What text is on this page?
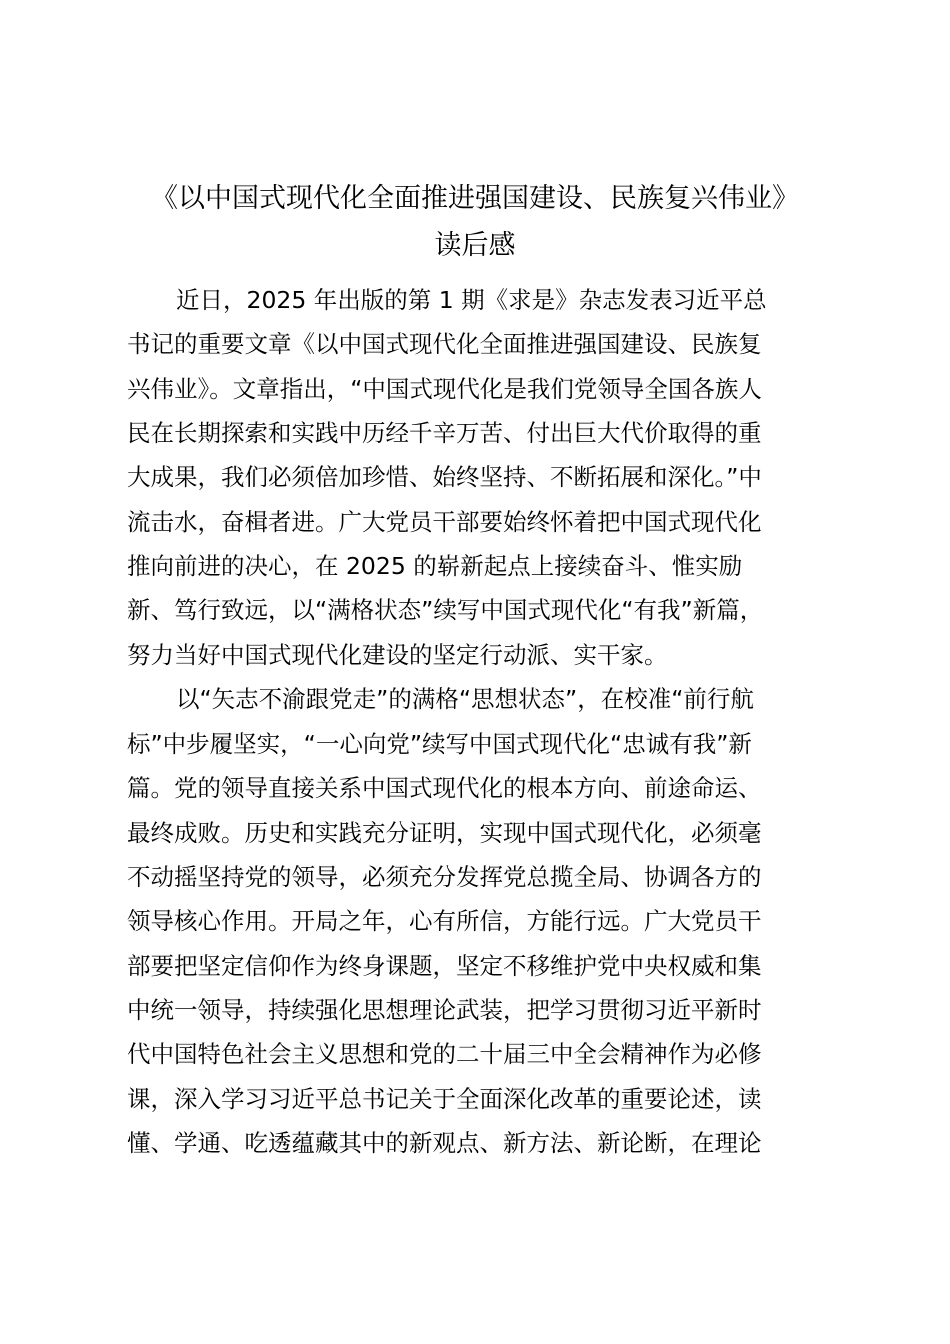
《以中国式现代化全面推进强国建设、民族复兴伟业》
读后感
近日，2025 年出版的第 1 期《求是》杂志发表习近平总
书记的重要文章《以中国式现代化全面推进强国建设、民族复
兴伟业》。文章指出，“中国式现代化是我们党领导全国各族人
民在长期探索和实践中历经千辛万苦、付出巨大代价取得的重
大成果，我们必须倍加珍惜、始终坚持、不断拓展和深化。”中
流击水，奋楫者进。广大党员干部要始终怀着把中国式现代化
推向前进的决心，在 2025 的崭新起点上接续奋斗、惟实励
新、笃行致远，以“满格状态”续写中国式现代化“有我”新篇，
努力当好中国式现代化建设的坚定行动派、实干家。
以“矢志不渝跟党走”的满格“思想状态”，在校准“前行航
标”中步履坚实，“一心向党”续写中国式现代化“忠诚有我”新
篇。党的领导直接关系中国式现代化的根本方向、前途命运、
最终成败。历史和实践充分证明，实现中国式现代化，必须毫
不动摇坚持党的领导，必须充分发挥党总揽全局、协调各方的
领导核心作用。开局之年，心有所信，方能行远。广大党员干
部要把坚定信仰作为终身课题，坚定不移维护党中央权威和集
中统一领导，持续强化思想理论武装，把学习贯彻习近平新时
代中国特色社会主义思想和党的二十届三中全会精神作为必修
课，深入学习习近平总书记关于全面深化改革的重要论述，读
懂、学通、吃透蕴藏其中的新观点、新方法、新论断，在理论
